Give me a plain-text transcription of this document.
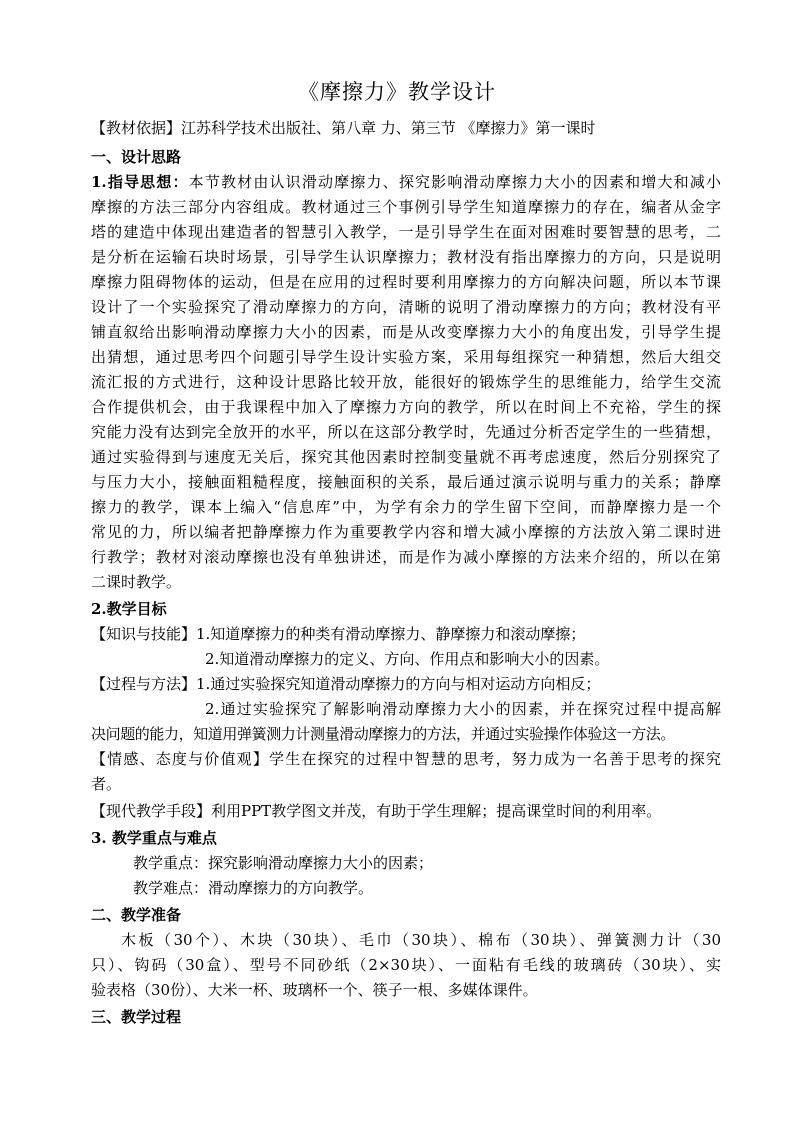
《摩擦力》教学设计
【教材依据】江苏科学技术出版社、第八章 力、第三节 《摩擦力》第一课时
一、设计思路
1.指导思想：本节教材由认识滑动摩擦力、探究影响滑动摩擦力大小的因素和增大和减小
摩擦的方法三部分内容组成。教材通过三个事例引导学生知道摩擦力的存在，编者从金字
塔的建造中体现出建造者的智慧引入教学，一是引导学生在面对困难时要智慧的思考，二
是分析在运输石块时场景，引导学生认识摩擦力；教材没有指出摩擦力的方向，只是说明
摩擦力阻碍物体的运动，但是在应用的过程时要利用摩擦力的方向解决问题，所以本节课
设计了一个实验探究了滑动摩擦力的方向，清晰的说明了滑动摩擦力的方向；教材没有平
铺直叙给出影响滑动摩擦力大小的因素，而是从改变摩擦力大小的角度出发，引导学生提
出猜想，通过思考四个问题引导学生设计实验方案，采用每组探究一种猜想，然后大组交
流汇报的方式进行，这种设计思路比较开放，能很好的锻炼学生的思维能力，给学生交流
合作提供机会，由于我课程中加入了摩擦力方向的教学，所以在时间上不充裕，学生的探
究能力没有达到完全放开的水平，所以在这部分教学时，先通过分析否定学生的一些猜想，
通过实验得到与速度无关后，探究其他因素时控制变量就不再考虑速度，然后分别探究了
与压力大小，接触面粗糙程度，接触面积的关系，最后通过演示说明与重力的关系；静摩
擦力的教学，课本上编入“信息库”中，为学有余力的学生留下空间，而静摩擦力是一个
常见的力，所以编者把静摩擦力作为重要教学内容和增大减小摩擦的方法放入第二课时进
行教学；教材对滚动摩擦也没有单独讲述，而是作为减小摩擦的方法来介绍的，所以在第
二课时教学。
2.教学目标
【知识与技能】1.知道摩擦力的种类有滑动摩擦力、静摩擦力和滚动摩擦；
2.知道滑动摩擦力的定义、方向、作用点和影响大小的因素。
【过程与方法】1.通过实验探究知道滑动摩擦力的方向与相对运动方向相反；
2.通过实验探究了解影响滑动摩擦力大小的因素，并在探究过程中提高解
决问题的能力，知道用弹簧测力计测量滑动摩擦力的方法，并通过实验操作体验这一方法。
【情感、态度与价值观】学生在探究的过程中智慧的思考，努力成为一名善于思考的探究
者。
【现代教学手段】利用PPT教学图文并茂，有助于学生理解；提高课堂时间的利用率。
3. 教学重点与难点
教学重点：探究影响滑动摩擦力大小的因素；
教学难点：滑动摩擦力的方向教学。
二、教学准备
木板（30个）、木块（30块）、毛巾（30块）、棉布（30块）、弹簧测力计（30
只）、钩码（30盒）、型号不同砂纸（2×30块）、一面粘有毛线的玻璃砖（30块）、实
验表格（30份）、大米一杯、玻璃杯一个、筷子一根、多媒体课件。
三、教学过程
